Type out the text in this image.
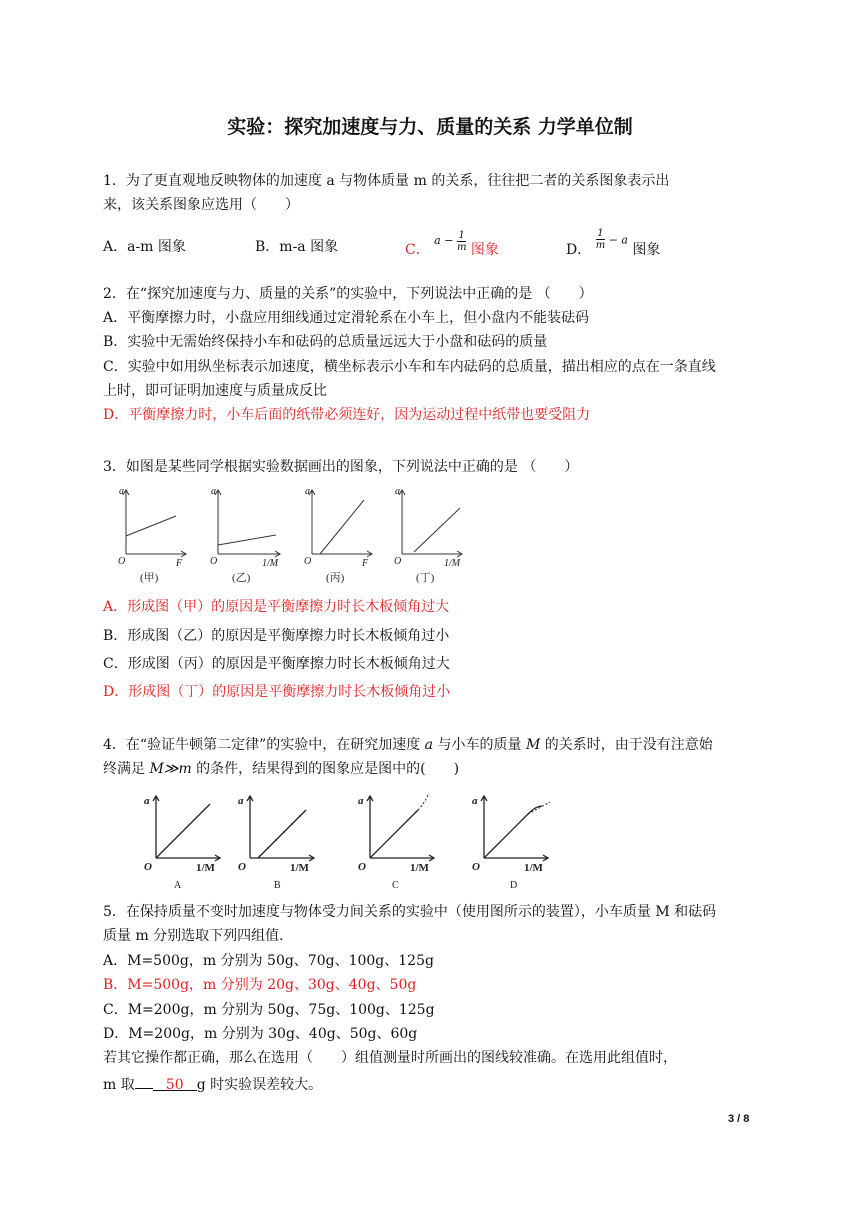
实验：探究加速度与力、质量的关系 力学单位制
1．为了更直观地反映物体的加速度 a 与物体质量 m 的关系，往往把二者的关系图象表示出
来，该关系图象应选用（　　）
A．a-m 图象	B．m-a 图象	C． $a - \frac{1}{m}$ 图象	D． $\frac{1}{m} - a$ 图象
2．在“探究加速度与力、质量的关系”的实验中，下列说法中正确的是 （　　）
A．平衡摩擦力时，小盘应用细线通过定滑轮系在小车上，但小盘内不能装砝码
B．实验中无需始终保持小车和砝码的总质量远远大于小盘和砝码的质量
C．实验中如用纵坐标表示加速度，横坐标表示小车和车内砝码的总质量，描出相应的点在一条直线
上时，即可证明加速度与质量成反比
D．平衡摩擦力时，小车后面的纸带必须连好，因为运动过程中纸带也要受阻力
3．如图是某些同学根据实验数据画出的图象，下列说法中正确的是 （　　）
a
O	F
a
O	1/M
a
O	F
a
O	1/M
(甲)	(乙)	(丙)	(丁)
A．形成图（甲）的原因是平衡摩擦力时长木板倾角过大
B．形成图（乙）的原因是平衡摩擦力时长木板倾角过小
C．形成图（丙）的原因是平衡摩擦力时长木板倾角过大
D．形成图（丁）的原因是平衡摩擦力时长木板倾角过小
4．在“验证牛顿第二定律”的实验中，在研究加速度 a 与小车的质量 M 的关系时，由于没有注意始
终满足 M≫m 的条件，结果得到的图象应是图中的(　　)
a
O	1/M
A
a
O	1/M
B
a
O	1/M
C
a
O	1/M
D
5．在保持质量不变时加速度与物体受力间关系的实验中（使用图所示的装置），小车质量 M 和砝码
质量 m 分别选取下列四组值．
A．M=500g，m 分别为 50g、70g、100g、125g
B．M=500g，m 分别为 20g、30g、40g、50g
C．M=200g，m 分别为 50g、75g、100g、125g
D．M=200g，m 分别为 30g、40g、50g、60g
若其它操作都正确，那么在选用（　　）组值测量时所画出的图线较准确。在选用此组值时，
m 取 50 g 时实验误差较大。
3 / 8
